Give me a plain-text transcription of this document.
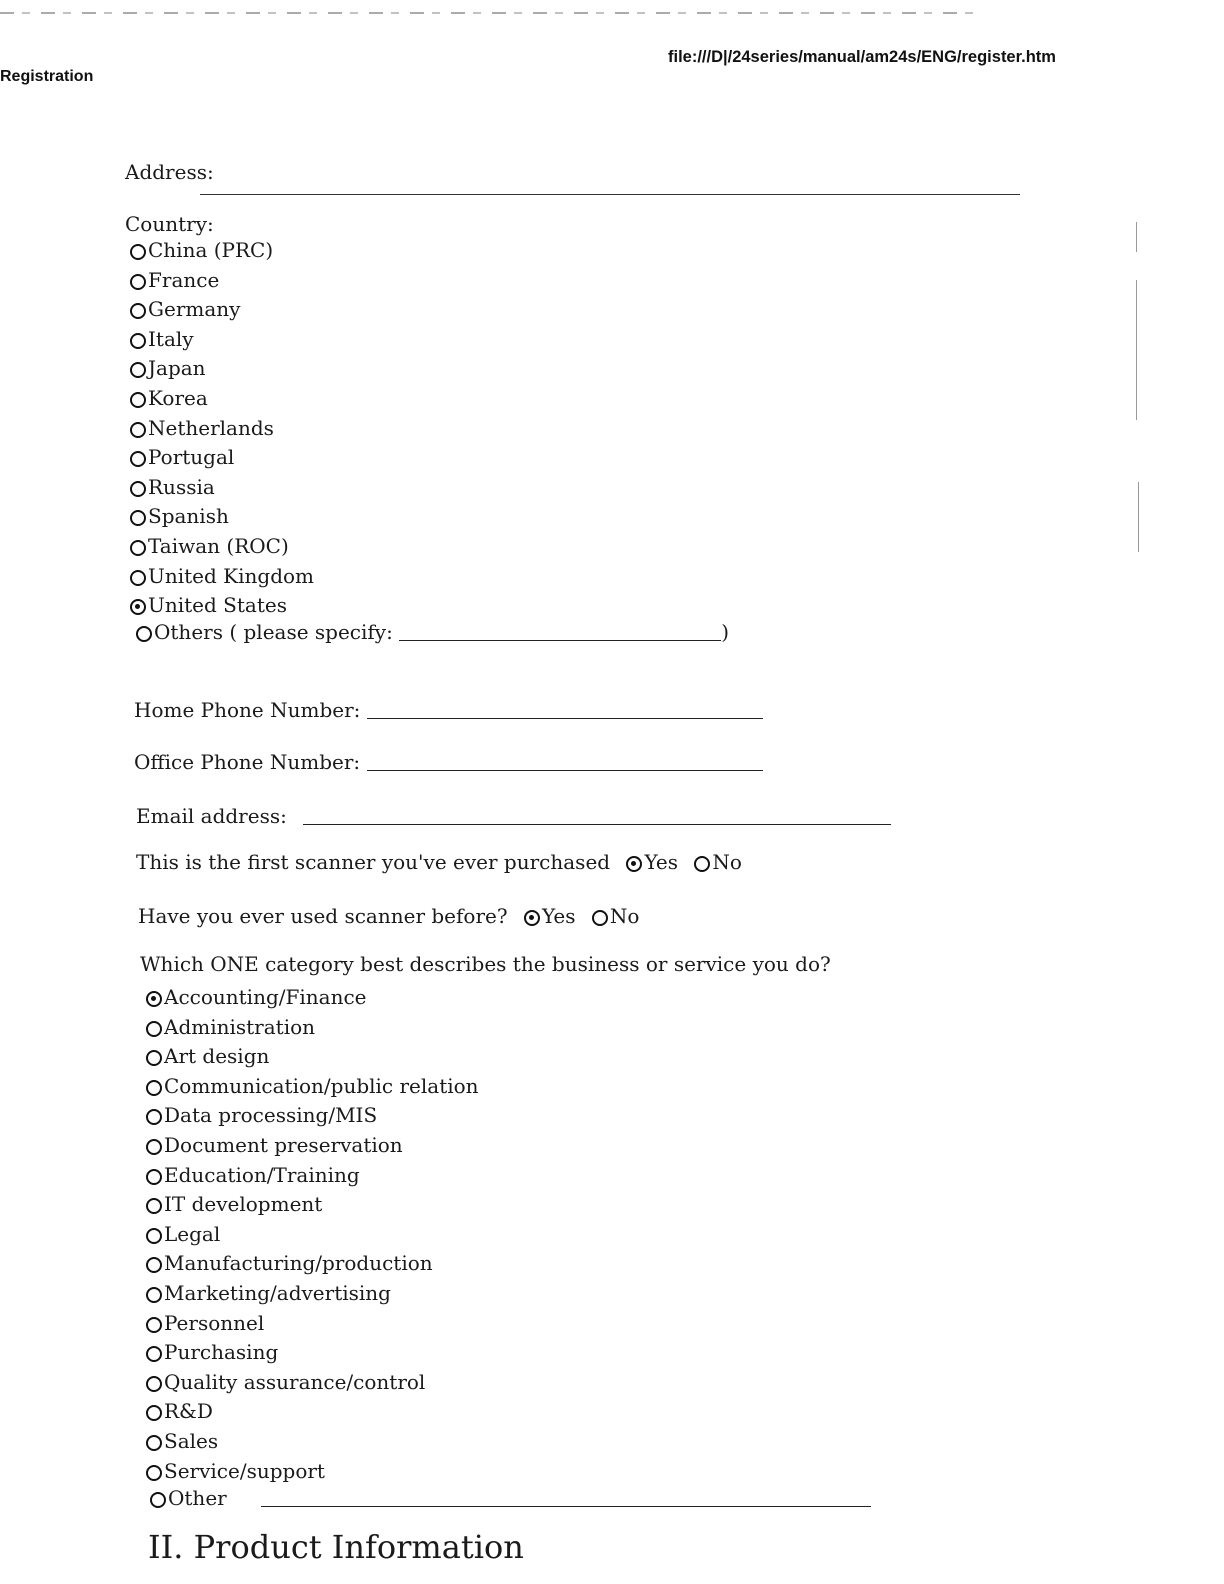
Registration
file:///D|/24series/manual/am24s/ENG/register.htm
Address:
Country:
China (PRC)
France
Germany
Italy
Japan
Korea
Netherlands
Portugal
Russia
Spanish
Taiwan (ROC)
United Kingdom
United States
Others ( please specify:	)
Home Phone Number:
Office Phone Number:
Email address:
This is the first scanner you've ever purchased Yes No
Have you ever used scanner before? Yes No
Which ONE category best describes the business or service you do?
Accounting/Finance
Administration
Art design
Communication/public relation
Data processing/MIS
Document preservation
Education/Training
IT development
Legal
Manufacturing/production
Marketing/advertising
Personnel
Purchasing
Quality assurance/control
R&D
Sales
Service/support
Other
II. Product Information
